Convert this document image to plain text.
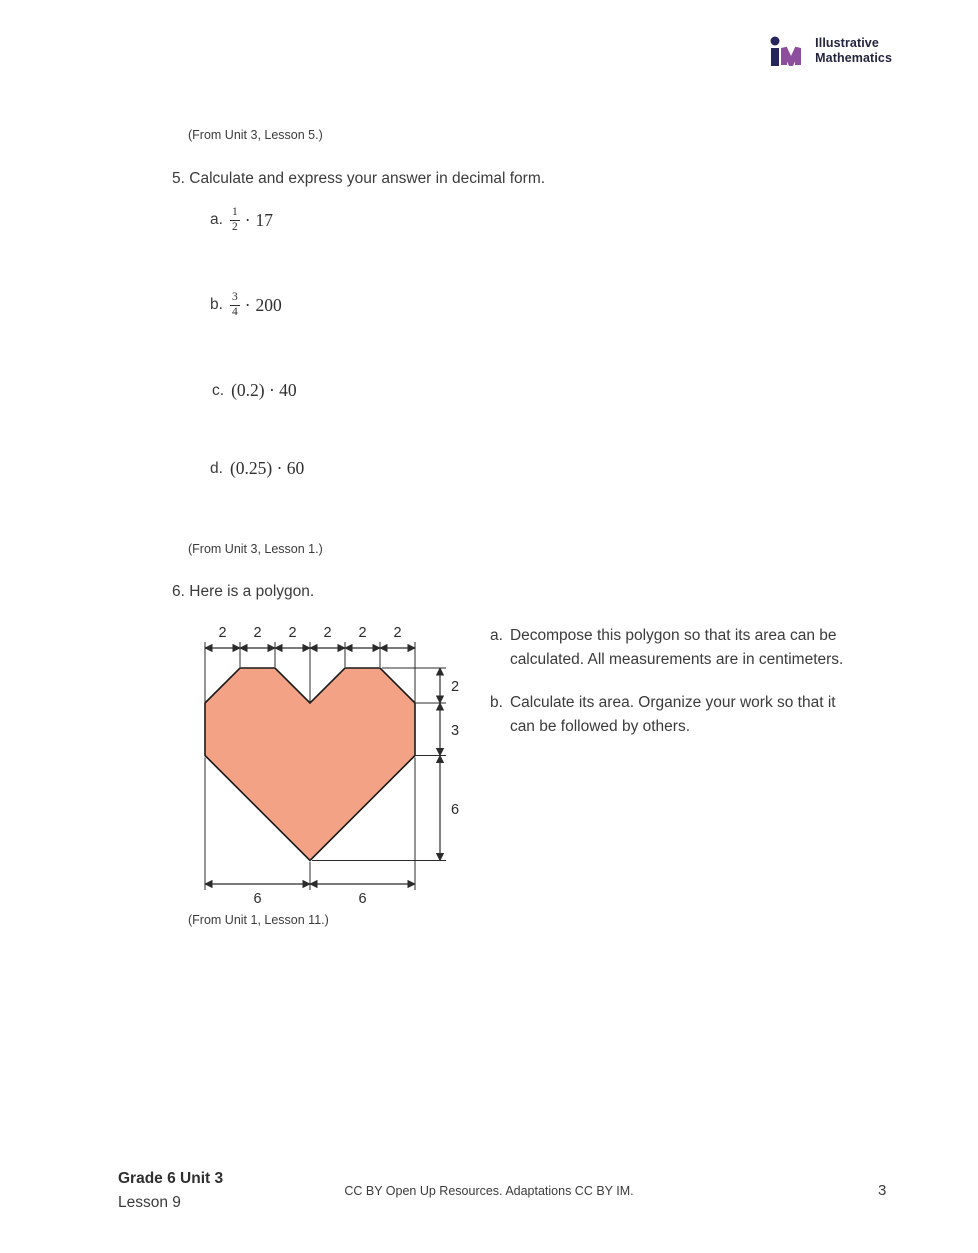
Illustrative
Mathematics
(From Unit 3, Lesson 5.)
5. Calculate and express your answer in decimal form.
a. $\frac{1}{2} \cdot 17$
b. $\frac{3}{4} \cdot 200$
c. (0.2) · 40
d. (0.25) · 60
(From Unit 3, Lesson 1.)
6. Here is a polygon.
2 2 2 2 2 2
2
3
6
6	6
a. Decompose this polygon so that its area can be calculated. All measurements are in centimeters.
b. Calculate its area. Organize your work so that it can be followed by others.
(From Unit 1, Lesson 11.)
Grade 6 Unit 3
Lesson 9
CC BY Open Up Resources. Adaptations CC BY IM.	3
